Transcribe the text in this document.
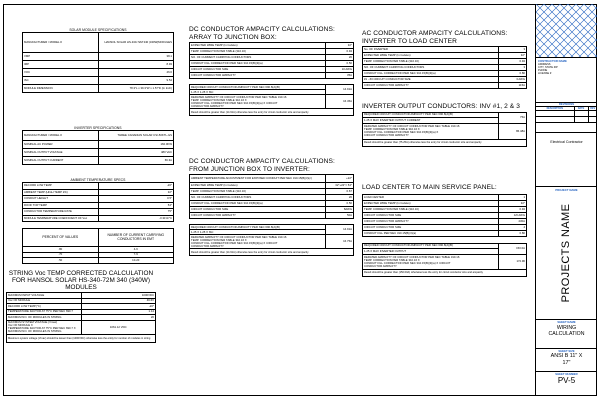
SOLAR MODULE SPECIFICATIONS
MANUFACTURER / MODEL #	HANSOL SOLAR HS-340-72M 340 (340W)MODULES
VMP	38.1
IMP	8.93
VOC	46.6
ISC	9.54
MODULE DIMENSION	78.3"L x 39.3"W x 1.57"D (In Inch)
INVERTER SPECIFICATIONS
MANUFACTURER / MODEL #	THREE CANADIAN SOLAR CSI-50KTL-GS
NOMINAL AC POWER	160.0KW
NOMINAL OUTPUT VOLTAGE	480 VAC
NOMINAL OUTPUT CURRENT	66.3A
AMBIENT TEMPERATURE SPECS
RECORD LOW TEMP	-20°
AMBIENT TEMP (HIGH TEMP 2%)	32°
CONDUIT HEIGHT	0.5"
ROOF TOP TEMP	54°
CONDUCTOR TEMPERATURE RATE	75°
MODULE TEMPERATURE COEFFICIENT OF Voc	-0.31%/°C
PERCENT OF VALUES	NUMBER OF CURRENT CARRYING CONDUCTORS IN EMT
.80	4-6
.70	7-9
.50	10-20
STRING Voc TEMP CORRECTED CALCULATION FOR HANSOL SOLAR HS-340-72M 340 (340W) MODULES
MAXIMUM INPUT VOLTAGE	1000VDC
Voc OF MODULE	46.6V
RECORD LOW TEMP(°C)	-20°
TEMPERATURE FACTOR AT 75°C PER NEC 690.7	1.14
MAXIMUM NO. OF MODULES IN STRING	20

MAXIMUM SYSTEM VOLTAGE (Vmax)
Voc OF MODULE X
TEMPERATURE FACTOR AT 75°C PER NEC 690.7 X
MAXIMUM NO. OF MODULES IN STRING	1061.12 VDC
Maximum system voltage (Vmax) should be lesser than (1000VDC) otherwise less the entity for number of modules in string	
DC CONDUCTOR AMPACITY CALCULATIONS: ARRAY TO JUNCTION BOX:
EXPECTED WIRE TEMP (In Celsius)	32°
TEMP. CORRECTION PER TABLE (310.16)	0.94
NO. OF CURRENT CARRYING CONDUCTORS	20
CONDUIT FILL CORRECTION PER NEC 310.15(B)(3)(a)	0.50
CIRCUIT CONDUCTOR SIZE	10 AWG
CIRCUIT CONDUCTOR AMPACITY	35A
REQUIRED CIRCUIT CONDUCTOR AMPACITY PER NEC 690.8(A)(B)	14.91A
1.25 X 1.25 X ISC	

DERATED AMPACITY OF CIRCUIT CONDUCTOR PER NEC TABLE 310.16
TEMP. CORRECTION PER TABLE 310.16 X
CONDUIT FILL CORRECTION PER NEC 310.15(B)(3)(a) X CIRCUIT
CONDUCTOR AMPACITY	16.45A
Result should be greater than (14.91A) otherwise less the entry for circuit conductor size and ampacity	
DC CONDUCTOR AMPACITY CALCULATIONS: FROM JUNCTION BOX TO INVERTER:
AMBIENT TEMPERATURE ADJUSTMENT FOR EXPOSED CONDUIT PER NEC 310.15(B)(3)(c)	+22°
EXPECTED WIRE TEMP (In Celsius)	32°+22°= 54°
TEMP. CORRECTION PER TABLE (310.16)	0.67
NO. OF CURRENT CARRYING CONDUCTORS	20
CONDUIT FILL CORRECTION PER NEC 310.15(B)(3)(a)	0.50
CIRCUIT CONDUCTOR SIZE	8AWG
CIRCUIT CONDUCTOR AMPACITY	50A
REQUIRED CIRCUIT CONDUCTOR AMPACITY PER NEC 690.8(A)(B)	14.91A
1.25 X 1.25 X ISC	

DERATED AMPACITY OF CIRCUIT CONDUCTOR PER NEC TABLE 310.16
TEMP. CORRECTION PER TABLE 310.16 X
CONDUIT FILL CORRECTION PER NEC 310.15(B)(3)(a) X CIRCUIT
CONDUCTOR AMPACITY	16.75A
Result should be greater than (14.91A) otherwise less the entry for circuit conductor size and ampacity	
AC CONDUCTOR AMPACITY CALCULATIONS: INVERTER TO LOAD CENTER
No. OF INVERTER	3
EXPECTED WIRE TEMP (In Celsius)	32°
TEMP. CORRECTION PER TABLE (310.16)	0.94
NO. OF CURRENT CARRYING CONDUCTORS	3
CONDUIT FILL CORRECTION PER NEC 310.15(B)(3)(a)	0.80
#1 - #3 CIRCUIT CONDUCTOR SIZE	3 AWG
CIRCUIT CONDUCTOR AMPACITY	115A
INVERTER OUTPUT CONDUCTORS: INV #1, 2 & 3
REQUIRED CIRCUIT CONDUCTOR AMPACITY PER NEC 690.8(A)(B)	75A
1.25 X MAX INVERTER OUTPUT CURRENT	

DERATED AMPACITY OF CIRCUIT CONDUCTOR PER NEC TABLE 310.16
TEMP. CORRECTION PER TABLE 310.16 X
CONDUIT FILL CORRECTION PER NEC 310.15(B)(3)(a) X
CIRCUIT CONDUCTOR AMPACITY	86.48A
Result should be greater than (75.25A) otherwise less the entry for circuit conductor size and ampacity	
LOAD CENTER TO MAIN SERVICE PANEL:
LOAD CENTER	1
EXPECTED WIRE TEMP (In Celsius)	32°
TEMP. CORRECTION PER TABLE (310.16)	0.94
CIRCUIT CONDUCTOR SIZE	4/0 AWG
CIRCUIT CONDUCTOR AMPACITY	230A
CIRCUIT CONDUCTOR SIZE	4
CONDUIT FILL PER NEC 310.15(B)(3)(a)	0.80
REQUIRED CIRCUIT CONDUCTOR AMPACITY PER NEC 690.8(A)(B)	150.0A
1.25 X MAX INVERTER OUTPUT	

DERATED AMPACITY OF CIRCUIT CONDUCTOR PER NEC TABLE 310.16
TEMP. CORRECTION PER TABLE 310.16 X
CONDUIT FILL CORRECTION PER NEC 310.15(B)(3)(a) X CIRCUIT
CONDUCTOR AMPACITY	172.96
Result should be greater than (150.00A) otherwise less the entry for circuit conductor size and ampacity	
CONTRACTOR NAME
ADDRESS
CITY, STATE ZIP
PHONE
LICENSE #
REVISIONS
DESCRIPTION	DATE	REV

Electrical Contractor
PROJECT NAME
PROJECTS NAME
SHEET NAME
WIRING CALCULATION
SHEET SIZE
ANSI B 11" X 17"
SHEET NUMBER
PV-5
